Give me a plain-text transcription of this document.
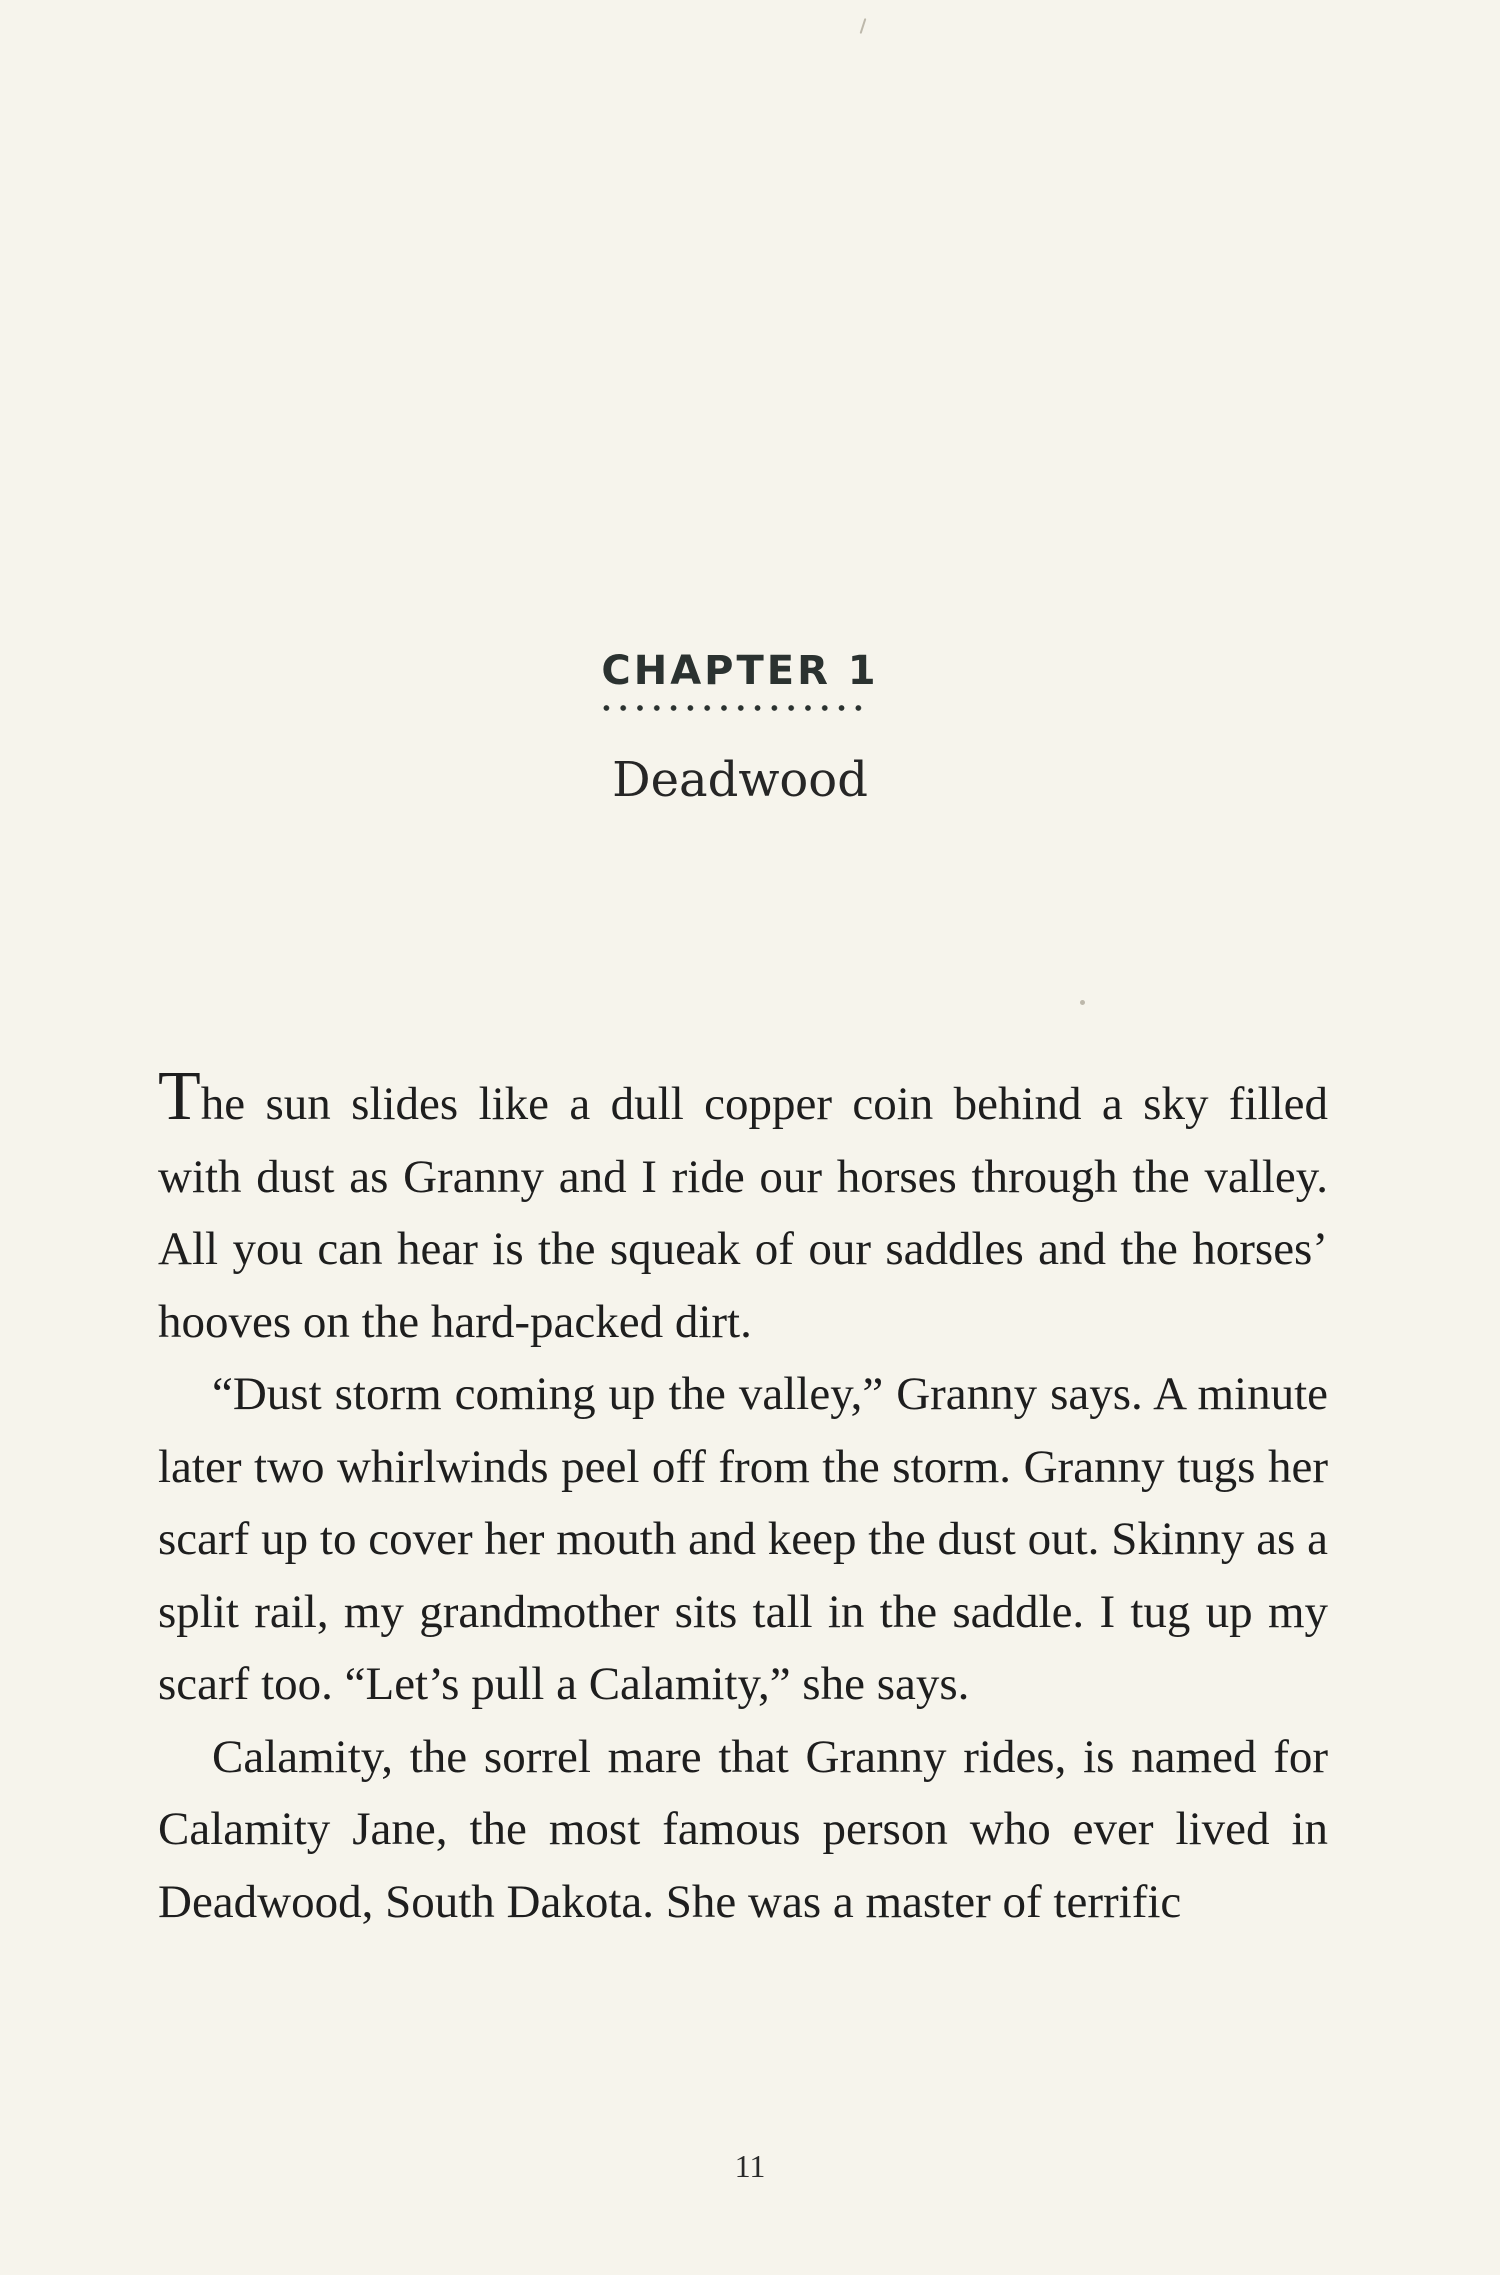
CHAPTER 1
Deadwood

The sun slides like a dull copper coin behind a sky filled with dust as Granny and I ride our horses through the valley. All you can hear is the squeak of our saddles and the horses’ hooves on the hard-packed dirt.

“Dust storm coming up the valley,” Granny says. A minute later two whirlwinds peel off from the storm. Granny tugs her scarf up to cover her mouth and keep the dust out. Skinny as a split rail, my grandmother sits tall in the saddle. I tug up my scarf too. “Let’s pull a Calamity,” she says.

Calamity, the sorrel mare that Granny rides, is named for Calamity Jane, the most famous person who ever lived in Deadwood, South Dakota. She was a master of terrific

11
